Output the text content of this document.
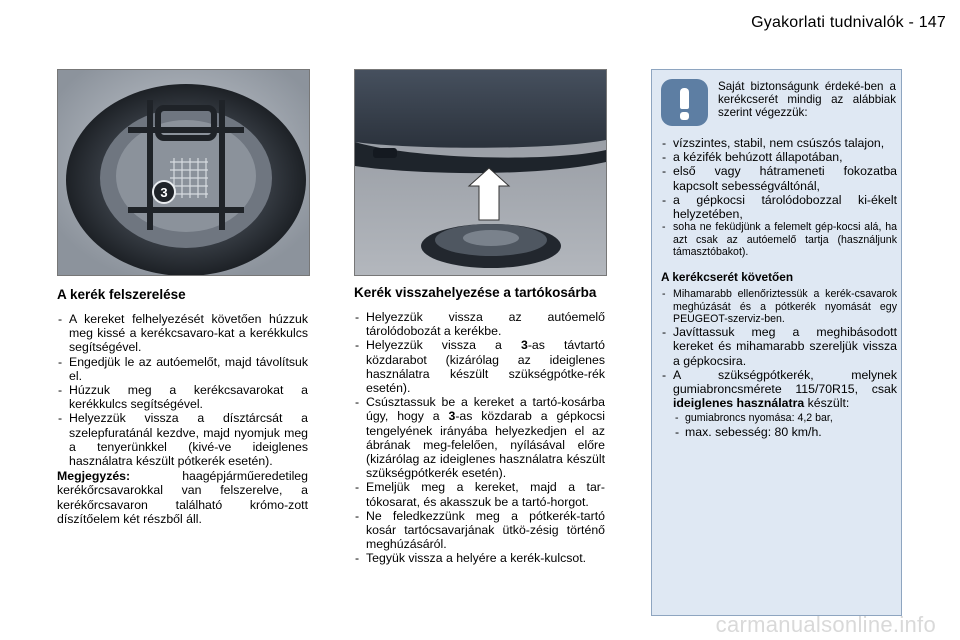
Gyakorlati tudnivalók - 147
3
A kerék felszerelése
- A kereket felhelyezését követően húzzuk meg kissé a kerékcsavaro-kat a kerékkulcs segítségével.
- Engedjük le az autóemelőt, majd távolítsuk el.
- Húzzuk meg a kerékcsavarokat a kerékkulcs segítségével.
- Helyezzük vissza a dísztárcsát a szelepfuratánál kezdve, majd nyomjuk meg a tenyerünkkel (kivé-ve ideiglenes használatra készült pótkerék esetén).
Megjegyzés: haagépjárműeredetileg kerékőrcsavarokkal van felszerelve, a kerékőrcsavaron található krómo-zott díszítőelem két részből áll.
Kerék visszahelyezése a tartókosárba
- Helyezzük vissza az autóemelő tárolódobozát a kerékbe.
- Helyezzük vissza a 3-as távtartó közdarabot (kizárólag az ideiglenes használatra készült szükségpótke-rék esetén).
- Csúsztassuk be a kereket a tartó-kosárba úgy, hogy a 3-as közdarab a gépkocsi tengelyének irányába helyezkedjen el az ábrának meg-felelően, nyílásával előre (kizárólag az ideiglenes használatra készült szükségpótkerék esetén).
- Emeljük meg a kereket, majd a tar-tókosarat, és akasszuk be a tartó-horgot.
- Ne feledkezzünk meg a pótkerék-tartó kosár tartócsavarjának ütkö-zésig történő meghúzásáról.
- Tegyük vissza a helyére a kerék-kulcsot.
Saját biztonságunk érdeké-ben a kerékcserét mindig az alábbiak szerint végezzük:
- vízszintes, stabil, nem csúszós talajon,
- a kézifék behúzott állapotában,
- első vagy hátrameneti fokozatba kapcsolt sebességváltónál,
- a gépkocsi tárolódobozzal ki-ékelt helyzetében,
- soha ne feküdjünk a felemelt gép-kocsi alá, ha azt csak az autóemelő tartja (használjunk támasztóbakot).
A kerékcserét követően
- Mihamarabb ellenőriztessük a kerék-csavarok meghúzását és a pótkerék nyomását egy PEUGEOT-szerviz-ben.
- Javíttassuk meg a meghibásodott kereket és mihamarabb szereljük vissza a gépkocsira.
- A szükségpótkerék, melynek gumiabroncsmérete 115/70R15, csak ideiglenes használatra készült:
- gumiabroncs nyomása: 4,2 bar,
- max. sebesség: 80 km/h.
carmanualsonline.info
